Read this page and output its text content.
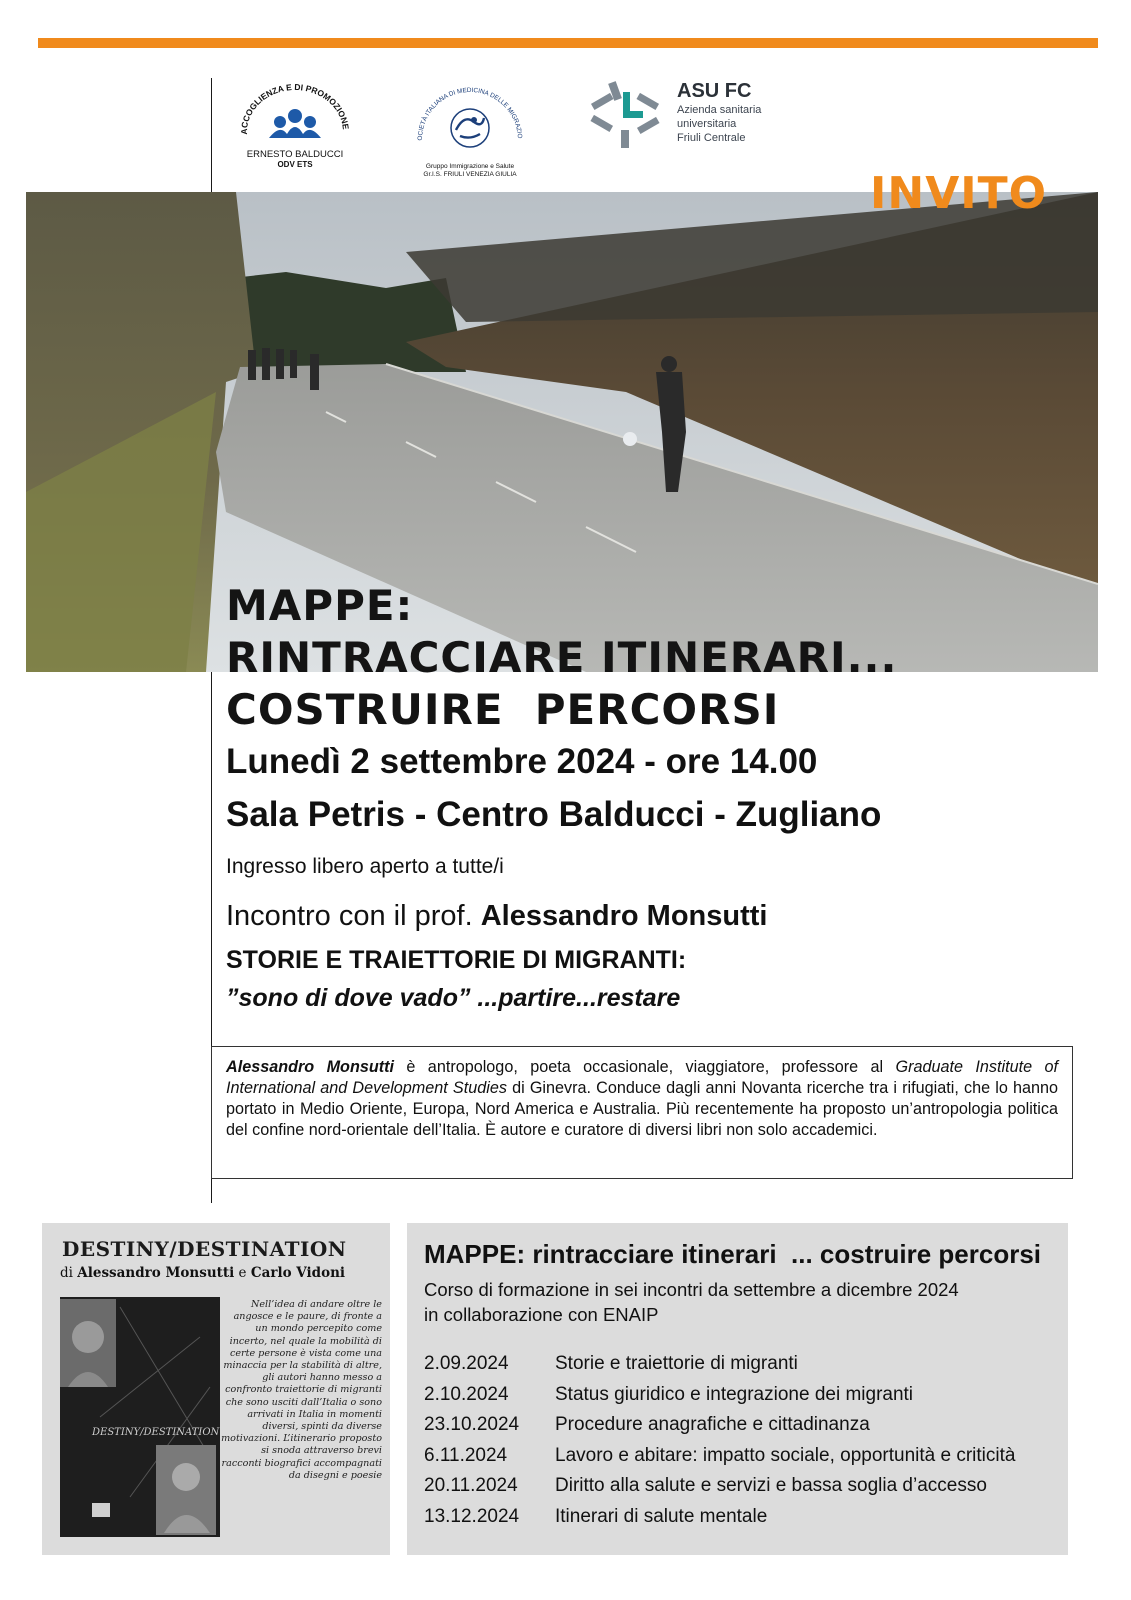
ACCOGLIENZA E DI PROMOZIONE
ERNESTO BALDUCCI
ODV ETS
OCIETÀ ITALIANA DI MEDICINA DELLE MIGRAZIO
Gruppo Immigrazione e Salute
Gr.I.S. FRIULI VENEZIA GIULIA
ASU FC
Azienda sanitaria
universitaria
Friuli Centrale
INVITO
MAPPE:
RINTRACCIARE ITINERARI...
COSTRUIRE  PERCORSI
Lunedì 2 settembre 2024 - ore 14.00
Sala Petris - Centro Balducci - Zugliano
Ingresso libero aperto a tutte/i
Incontro con il prof. Alessandro Monsutti
STORIE E TRAIETTORIE DI MIGRANTI:
”sono di dove vado” ...partire...restare

Alessandro Monsutti è antropologo, poeta occasionale, viaggiatore, professore al Graduate Institute of International and Development Studies di Ginevra. Conduce dagli anni Novanta ricerche tra i rifugiati, che lo hanno portato in Medio Oriente, Europa, Nord America e Australia. Più recentemente ha proposto un’antropologia politica del confine nord-orientale dell’Italia. È autore e curatore di diversi libri non solo accademici.

DESTINY/DESTINATION
di Alessandro Monsutti e Carlo Vidoni
DESTINY/DESTINATION
Nell’idea di andare oltre le angosce e le paure, di fronte a un mondo percepito come incerto, nel quale la mobilità di certe persone è vista come una minaccia per la stabilità di altre, gli autori hanno messo a confronto traiettorie di migranti che sono usciti dall’Italia o sono arrivati in Italia in momenti diversi, spinti da diverse motivazioni. L’itinerario proposto si snoda attraverso brevi racconti biografici accompagnati da disegni e poesie
MAPPE: rintracciare itinerari  ... costruire percorsi
Corso di formazione in sei incontri da settembre a dicembre 2024
in collaborazione con ENAIP
2.09.2024	Storie e traiettorie di migranti
2.10.2024	Status giuridico e integrazione dei migranti
23.10.2024	Procedure anagrafiche e cittadinanza
6.11.2024	Lavoro e abitare: impatto sociale, opportunità e criticità
20.11.2024	Diritto alla salute e servizi e bassa soglia d’accesso
13.12.2024	Itinerari di salute mentale
